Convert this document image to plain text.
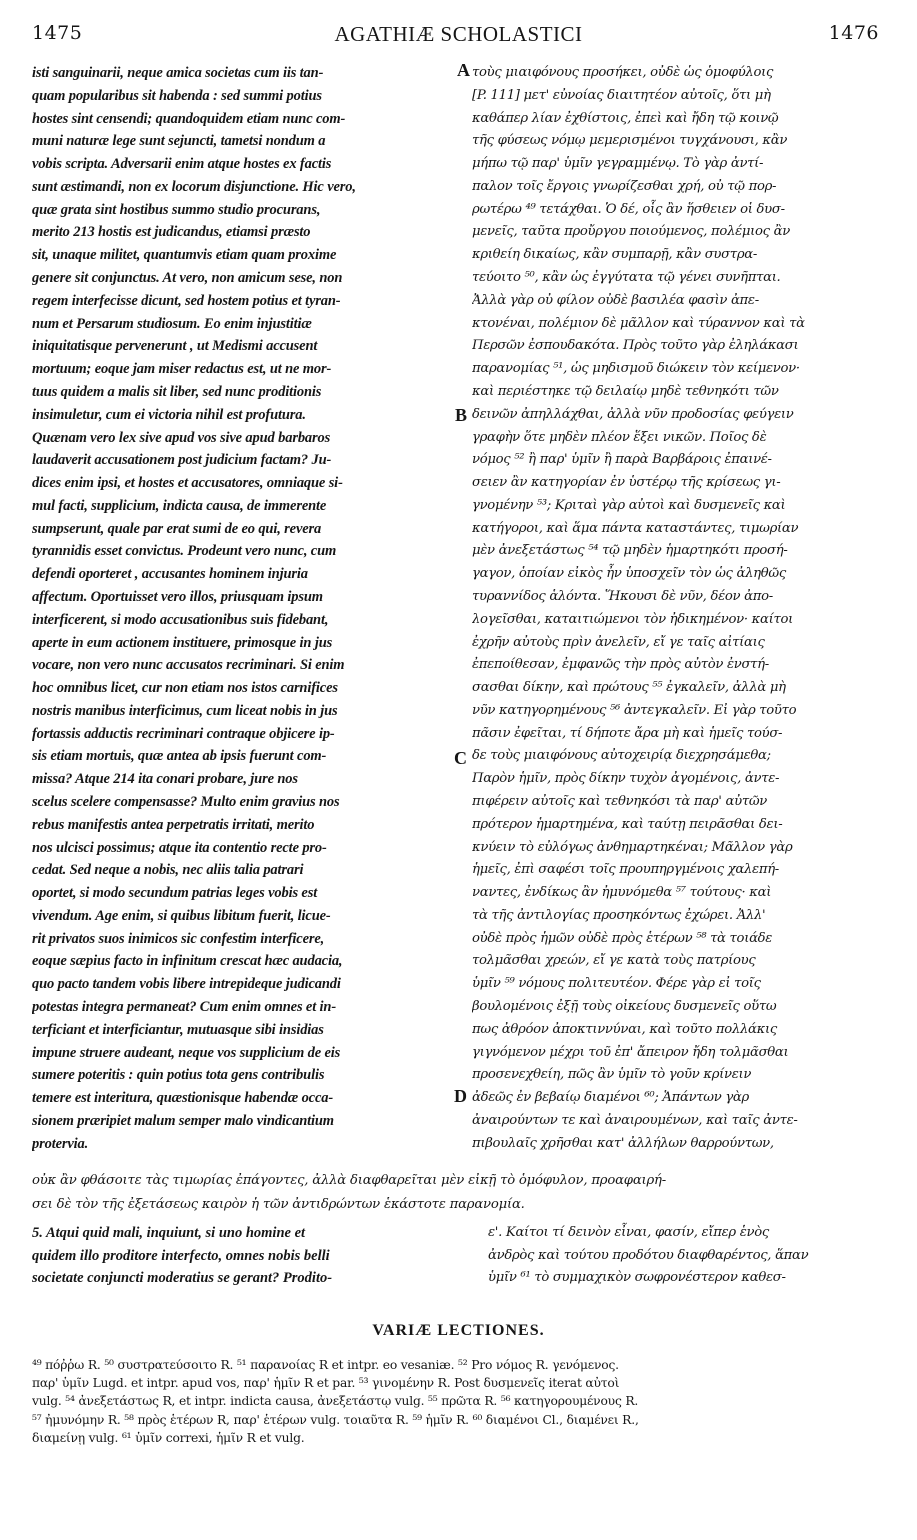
1475	AGATHIÆ SCHOLASTICI	1476
isti sanguinarii, neque amica societas cum iis tan-
quam popularibus sit habenda : sed summi potius
hostes sint censendi; quandoquidem etiam nunc com-
muni naturæ lege sunt sejuncti, tametsi nondum a
vobis scripta. Adversarii enim atque hostes ex factis
sunt æstimandi, non ex locorum disjunctione. Hic vero,
quæ grata sint hostibus summo studio procurans,
merito 213 hostis est judicandus, etiamsi præsto
sit, unaque militet, quantumvis etiam quam proxime
genere sit conjunctus. At vero, non amicum sese, non
regem interfecisse dicunt, sed hostem potius et tyran-
num et Persarum studiosum. Eo enim injustitiæ
iniquitatisque pervenerunt , ut Medismi accusent
mortuum; eoque jam miser redactus est, ut ne mor-
tuus quidem a malis sit liber, sed nunc proditionis
insimuletur, cum ei victoria nihil est profutura.
Quænam vero lex sive apud vos sive apud barbaros
laudaverit accusationem post judicium factam? Ju-
dices enim ipsi, et hostes et accusatores, omniaque si-
mul facti, supplicium, indicta causa, de immerente
sumpserunt, quale par erat sumi de eo qui, revera
tyrannidis esset convictus. Prodeunt vero nunc, cum
defendi oporteret , accusantes hominem injuria
affectum. Oportuisset vero illos, priusquam ipsum
interficerent, si modo accusationibus suis fidebant,
aperte in eum actionem instituere, primosque in jus
vocare, non vero nunc accusatos recriminari. Si enim
hoc omnibus licet, cur non etiam nos istos carnifices
nostris manibus interficimus, cum liceat nobis in jus
fortassis adductis recriminari contraque objicere ip-
sis etiam mortuis, quæ antea ab ipsis fuerunt com-
missa? Atque 214 ita conari probare, jure nos
scelus scelere compensasse? Multo enim gravius nos
rebus manifestis antea perpetratis irritati, merito
nos ulcisci possimus; atque ita contentio recte pro-
cedat. Sed neque a nobis, nec aliis talia patrari
oportet, si modo secundum patrias leges vobis est
vivendum. Age enim, si quibus libitum fuerit, licue-
rit privatos suos inimicos sic confestim interficere,
eoque sæpius facto in infinitum crescat hæc audacia,
quo pacto tandem vobis libere intrepideque judicandi
potestas integra permaneat? Cum enim omnes et in-
terficiant et interficiantur, mutuasque sibi insidias
impune struere audeant, neque vos supplicium de eis
sumere poteritis : quin potius tota gens contribulis
temere est interitura, quæstionisque habendæ occa-
sionem præripiet malum semper malo vindicantium
protervia.
τοὺς μιαιφόνους προσήκει, οὐδὲ ὡς ὁμοφύλοις
[P. 111] μετ' εὐνοίας διαιτητέον αὐτοῖς, ὅτι μὴ
καθάπερ λίαν ἐχθίστοις, ἐπεὶ καὶ ἤδη τῷ κοινῷ
τῆς φύσεως νόμῳ μεμερισμένοι τυγχάνουσι, κἂν
μήπω τῷ παρ' ὑμῖν γεγραμμένῳ. Τὸ γὰρ ἀντί-
παλον τοῖς ἔργοις γνωρίζεσθαι χρή, οὐ τῷ πορ-
ρωτέρω ⁴⁹ τετάχθαι. Ὁ δέ, οἷς ἂν ἥσθειεν οἱ δυσ-
μενεῖς, ταῦτα προὔργου ποιούμενος, πολέμιος ἂν
κριθείη δικαίως, κἂν συμπαρῇ, κἂν συστρα-
τεύοιτο ⁵⁰, κἂν ὡς ἐγγύτατα τῷ γένει συνῆπται.
Ἀλλὰ γὰρ οὐ φίλον οὐδὲ βασιλέα φασὶν ἀπε-
κτονέναι, πολέμιον δὲ μᾶλλον καὶ τύραννον καὶ τὰ
Περσῶν ἐσπουδακότα. Πρὸς τοῦτο γὰρ ἐληλάκασι
παρανομίας ⁵¹, ὡς μηδισμοῦ διώκειν τὸν κείμενον·
καὶ περιέστηκε τῷ δειλαίῳ μηδὲ τεθνηκότι τῶν
δεινῶν ἀπηλλάχθαι, ἀλλὰ νῦν προδοσίας φεύγειν
γραφὴν ὅτε μηδὲν πλέον ἕξει νικῶν. Ποῖος δὲ
νόμος ⁵² ἢ παρ' ὑμῖν ἢ παρὰ Βαρβάροις ἐπαινέ-
σειεν ἂν κατηγορίαν ἐν ὑστέρῳ τῆς κρίσεως γι-
γνομένην ⁵³; Κριταὶ γὰρ αὐτοὶ καὶ δυσμενεῖς καὶ
κατήγοροι, καὶ ἅμα πάντα καταστάντες, τιμωρίαν
μὲν ἀνεξετάστως ⁵⁴ τῷ μηδὲν ἡμαρτηκότι προσή-
γαγον, ὁποίαν εἰκὸς ἦν ὑποσχεῖν τὸν ὡς ἀληθῶς
τυραννίδος ἁλόντα. Ἥκουσι δὲ νῦν, δέον ἀπο-
λογεῖσθαι, καταιτιώμενοι τὸν ἠδικημένον· καίτοι
ἐχρῆν αὐτοὺς πρὶν ἀνελεῖν, εἴ γε ταῖς αἰτίαις
ἐπεποίθεσαν, ἐμφανῶς τὴν πρὸς αὐτὸν ἐνστή-
σασθαι δίκην, καὶ πρώτους ⁵⁵ ἐγκαλεῖν, ἀλλὰ μὴ
νῦν κατηγορημένους ⁵⁶ ἀντεγκαλεῖν. Εἰ γὰρ τοῦτο
πᾶσιν ἐφεῖται, τί δήποτε ἄρα μὴ καὶ ἡμεῖς τούσ-
δε τοὺς μιαιφόνους αὐτοχειρίᾳ διεχρησάμεθα;
Παρὸν ἡμῖν, πρὸς δίκην τυχὸν ἀγομένοις, ἀντε-
πιφέρειν αὐτοῖς καὶ τεθνηκόσι τὰ παρ' αὐτῶν
πρότερον ἡμαρτημένα, καὶ ταύτῃ πειρᾶσθαι δει-
κνύειν τὸ εὐλόγως ἀνθημαρτηκέναι; Μᾶλλον γὰρ
ἡμεῖς, ἐπὶ σαφέσι τοῖς προυπηργμένοις χαλεπή-
ναντες, ἐνδίκως ἂν ἠμυνόμεθα ⁵⁷ τούτους· καὶ
τὰ τῆς ἀντιλογίας προσηκόντως ἐχώρει. Ἀλλ'
οὐδὲ πρὸς ἡμῶν οὐδὲ πρὸς ἑτέρων ⁵⁸ τὰ τοιάδε
τολμᾶσθαι χρεών, εἴ γε κατὰ τοὺς πατρίους
ὑμῖν ⁵⁹ νόμους πολιτευτέον. Φέρε γὰρ εἰ τοῖς
βουλομένοις ἐξῇ τοὺς οἰκείους δυσμενεῖς οὕτω
πως ἀθρόον ἀποκτιννύναι, καὶ τοῦτο πολλάκις
γιγνόμενον μέχρι τοῦ ἐπ' ἄπειρον ἤδη τολμᾶσθαι
προσενεχθείη, πῶς ἂν ὑμῖν τὸ γοῦν κρίνειν
ἀδεῶς ἐν βεβαίῳ διαμένοι ⁶⁰; Ἁπάντων γὰρ
ἀναιρούντων τε καὶ ἀναιρουμένων, καὶ ταῖς ἀντε-
πιβουλαῖς χρῆσθαι κατ' ἀλλήλων θαρρούντων,
A
B
C
D
οὐκ ἂν φθάσοιτε τὰς τιμωρίας ἐπάγοντες, ἀλλὰ διαφθαρεῖται μὲν εἰκῇ τὸ ὁμόφυλον, προαφαιρή-
σει δὲ τὸν τῆς ἐξετάσεως καιρὸν ἡ τῶν ἀντιδρώντων ἑκάστοτε παρανομία.
5. Atqui quid mali, inquiunt, si uno homine et
quidem illo proditore interfecto, omnes nobis belli
societate conjuncti moderatius se gerant? Prodito-
ε'. Καίτοι τί δεινὸν εἶναι, φασίν, εἴπερ ἑνὸς
ἀνδρὸς καὶ τούτου προδότου διαφθαρέντος, ἅπαν
ὑμῖν ⁶¹ τὸ συμμαχικὸν σωφρονέστερον καθεσ-
VARIÆ LECTIONES.
⁴⁹ πόῤῥω R. ⁵⁰ συστρατεύσοιτο R. ⁵¹ παρανοίας R et intpr. eo vesaniæ. ⁵² Pro νόμος R. γενόμενος.
παρ' ὑμῖν Lugd. et intpr. apud vos, παρ' ἡμῖν R et par. ⁵³ γινομένην R. Post δυσμενεῖς iterat αὐτοὶ
vulg. ⁵⁴ ἀνεξετάστως R, et intpr. indicta causa, ἀνεξετάστῳ vulg. ⁵⁵ πρῶτα R. ⁵⁶ κατηγορουμένους R.
⁵⁷ ἠμυνόμην R. ⁵⁸ πρὸς ἑτέρων R, παρ' ἑτέρων vulg. τοιαῦτα R. ⁵⁹ ἡμῖν R. ⁶⁰ διαμένοι Cl., διαμένει R.,
διαμείνῃ vulg. ⁶¹ ὑμῖν correxi, ἡμῖν R et vulg.
